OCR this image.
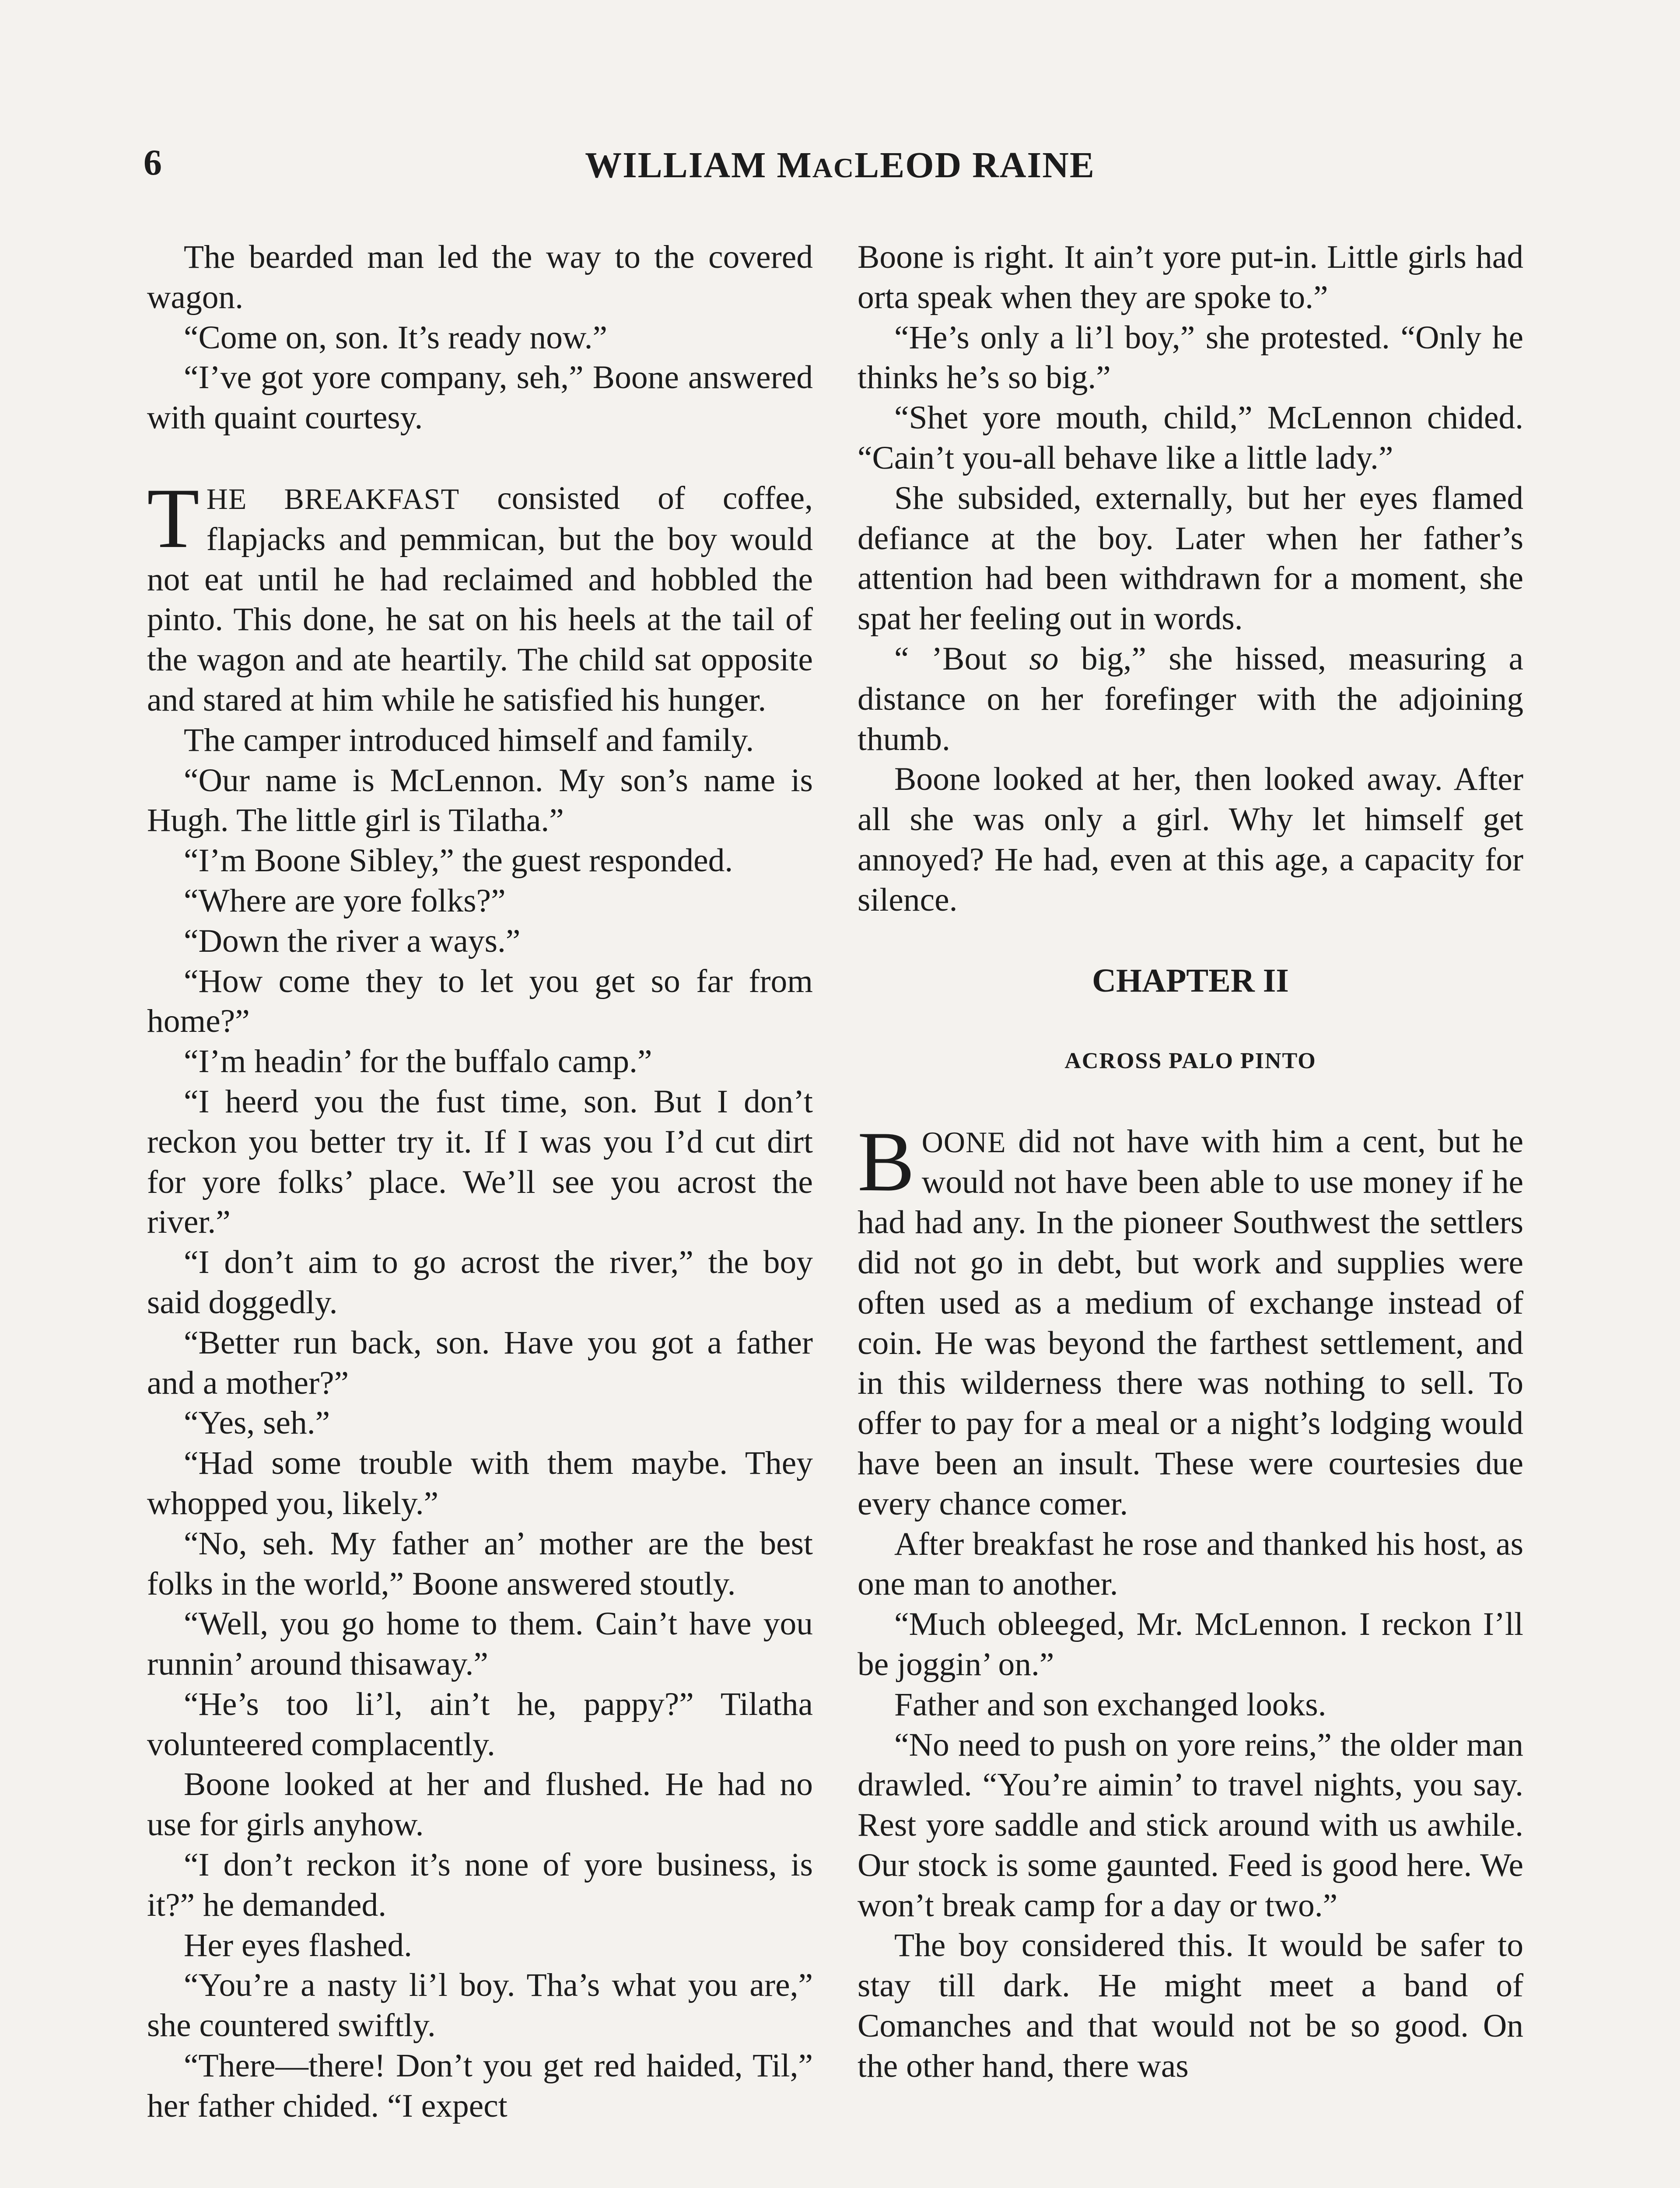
6	WILLIAM MACLEOD RAINE

The bearded man led the way to the covered wagon.

“Come on, son. It’s ready now.”

“I’ve got yore company, seh,” Boone answered with quaint courtesy.

THE BREAKFAST consisted of coffee, flapjacks and pemmican, but the boy would not eat until he had reclaimed and hobbled the pinto. This done, he sat on his heels at the tail of the wagon and ate heartily. The child sat opposite and stared at him while he satisfied his hunger.

The camper introduced himself and family.

“Our name is McLennon. My son’s name is Hugh. The little girl is Tilatha.”

“I’m Boone Sibley,” the guest responded.

“Where are yore folks?”

“Down the river a ways.”

“How come they to let you get so far from home?”

“I’m headin’ for the buffalo camp.”

“I heerd you the fust time, son. But I don’t reckon you better try it. If I was you I’d cut dirt for yore folks’ place. We’ll see you acrost the river.”

“I don’t aim to go acrost the river,” the boy said doggedly.

“Better run back, son. Have you got a father and a mother?”

“Yes, seh.”

“Had some trouble with them maybe. They whopped you, likely.”

“No, seh. My father an’ mother are the best folks in the world,” Boone answered stoutly.

“Well, you go home to them. Cain’t have you runnin’ around thisaway.”

“He’s too li’l, ain’t he, pappy?” Tilatha volunteered complacently.

Boone looked at her and flushed. He had no use for girls anyhow.

“I don’t reckon it’s none of yore business, is it?” he demanded.

Her eyes flashed.

“You’re a nasty li’l boy. Tha’s what you are,” she countered swiftly.

“There—there! Don’t you get red haided, Til,” her father chided. “I expect

Boone is right. It ain’t yore put-in. Little girls had orta speak when they are spoke to.”

“He’s only a li’l boy,” she protested. “Only he thinks he’s so big.”

“Shet yore mouth, child,” McLennon chided. “Cain’t you-all behave like a little lady.”

She subsided, externally, but her eyes flamed defiance at the boy. Later when her father’s attention had been withdrawn for a moment, she spat her feeling out in words.

“ ’Bout so big,” she hissed, measuring a distance on her forefinger with the adjoining thumb.

Boone looked at her, then looked away. After all she was only a girl. Why let himself get annoyed? He had, even at this age, a capacity for silence.

CHAPTER II
ACROSS PALO PINTO

BOONE did not have with him a cent, but he would not have been able to use money if he had had any. In the pioneer Southwest the settlers did not go in debt, but work and supplies were often used as a medium of exchange instead of coin. He was beyond the farthest settlement, and in this wilderness there was nothing to sell. To offer to pay for a meal or a night’s lodging would have been an insult. These were courtesies due every chance comer.

After breakfast he rose and thanked his host, as one man to another.

“Much obleeged, Mr. McLennon. I reckon I’ll be joggin’ on.”

Father and son exchanged looks.

“No need to push on yore reins,” the older man drawled. “You’re aimin’ to travel nights, you say. Rest yore saddle and stick around with us awhile. Our stock is some gaunted. Feed is good here. We won’t break camp for a day or two.”

The boy considered this. It would be safer to stay till dark. He might meet a band of Comanches and that would not be so good. On the other hand, there was
